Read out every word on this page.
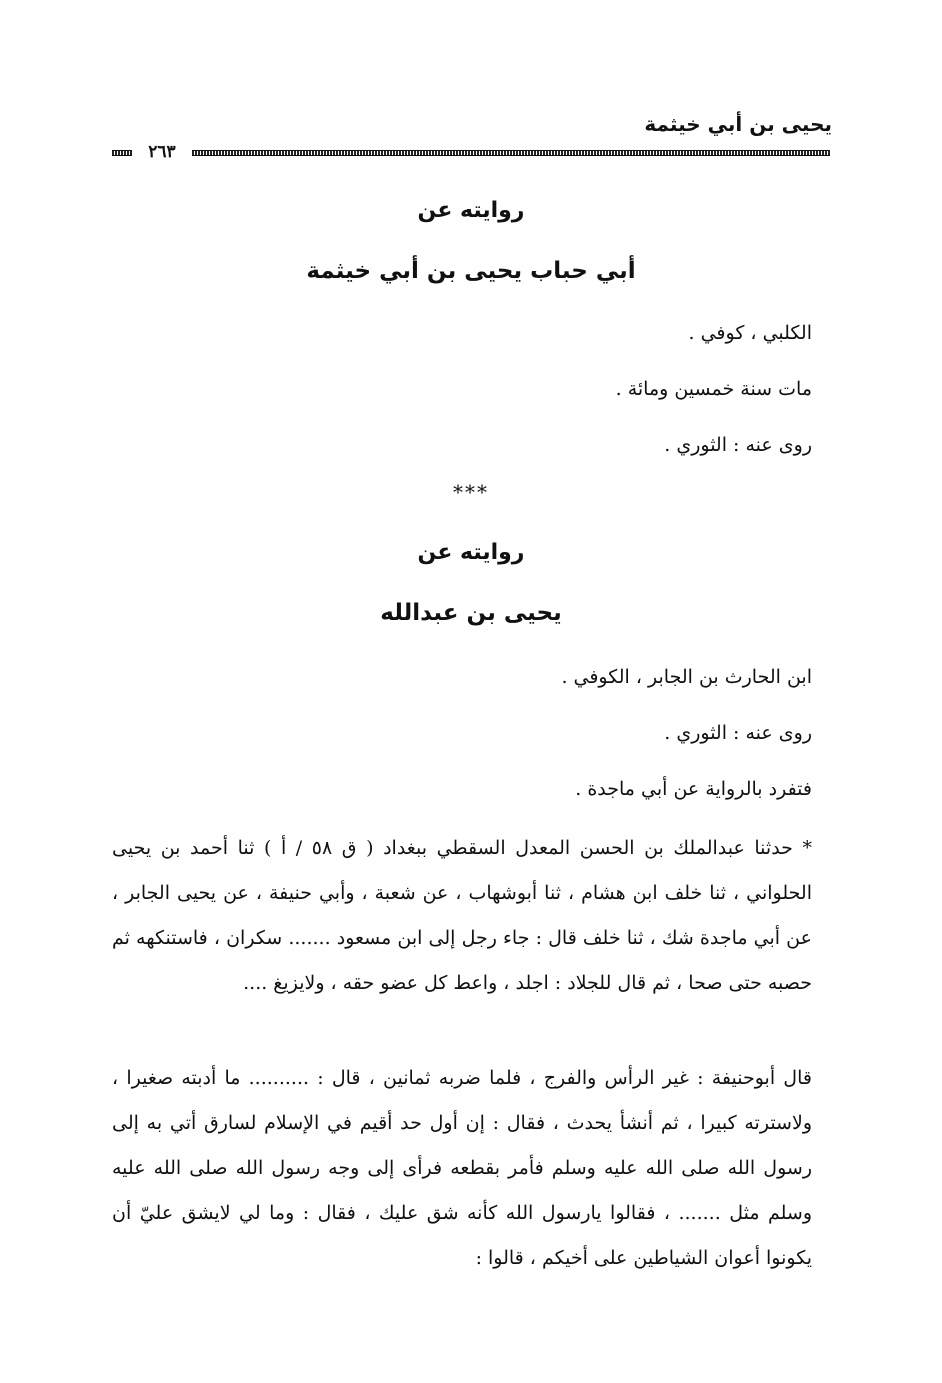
يحيى بن أبي خيثمة
٢٦٣
روايته عن
أبي حباب يحيى بن أبي خيثمة
الكلبي ، كوفي .
مات سنة خمسين ومائة .
روى عنه : الثوري .
***
روايته عن
يحيى بن عبدالله
ابن الحارث بن الجابر ، الكوفي .
روى عنه : الثوري .
فتفرد بالرواية عن أبي ماجدة .
* حدثنا عبدالملك بن الحسن المعدل السقطي ببغداد ( ق ٥٨ / أ ) ثنا أحمد بن يحيى الحلواني ، ثنا خلف ابن هشام ، ثنا أبوشهاب ، عن شعبة ، وأبي حنيفة ، عن يحيى الجابر ، عن أبي ماجدة شك ، ثنا خلف قال : جاء رجل إلى ابن مسعود ....... سكران ، فاستنكهه ثم حصبه حتى صحا ، ثم قال للجلاد : اجلد ، واعط كل عضو حقه ، ولايزيغ ....
قال أبوحنيفة : غير الرأس والفرج ، فلما ضربه ثمانين ، قال : .......... ما أدبته صغيرا ، ولاسترته كبيرا ، ثم أنشأ يحدث ، فقال : إن أول حد أقيم في الإسلام لسارق أتي به إلى رسول الله صلى الله عليه وسلم فأمر بقطعه فرأى إلى وجه رسول الله صلى الله عليه وسلم مثل ....... ، فقالوا يارسول الله كأنه شق عليك ، فقال : وما لي لايشق عليّ أن يكونوا أعوان الشياطين على أخيكم ، قالوا :
